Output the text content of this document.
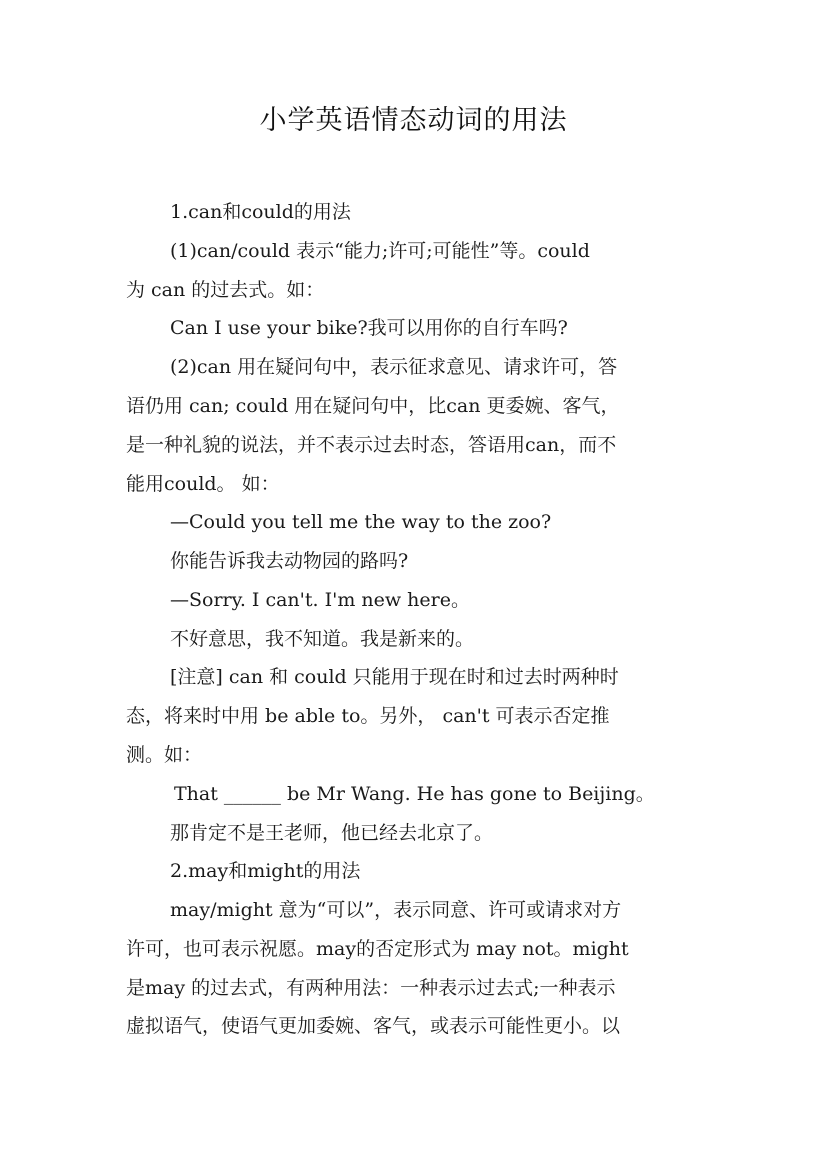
小学英语情态动词的用法

1.can和could的用法

(1)can/could 表示“能力;许可;可能性”等。could

为 can 的过去式。如：

Can I use your bike?我可以用你的自行车吗?

(2)can 用在疑问句中，表示征求意见、请求许可，答

语仍用 can; could 用在疑问句中，比can 更委婉、客气，

是一种礼貌的说法，并不表示过去时态，答语用can，而不

能用could。 如：

—Could you tell me the way to the zoo?

你能告诉我去动物园的路吗?

—Sorry. I can't. I'm new here。

不好意思，我不知道。我是新来的。

[注意] can 和 could 只能用于现在时和过去时两种时

态，将来时中用 be able to。另外， can't 可表示否定推

测。如：

That ______ be Mr Wang. He has gone to Beijing。

那肯定不是王老师，他已经去北京了。

2.may和might的用法

may/might 意为“可以”，表示同意、许可或请求对方

许可，也可表示祝愿。may的否定形式为 may not。might

是may 的过去式，有两种用法：一种表示过去式;一种表示

虚拟语气，使语气更加委婉、客气，或表示可能性更小。以
